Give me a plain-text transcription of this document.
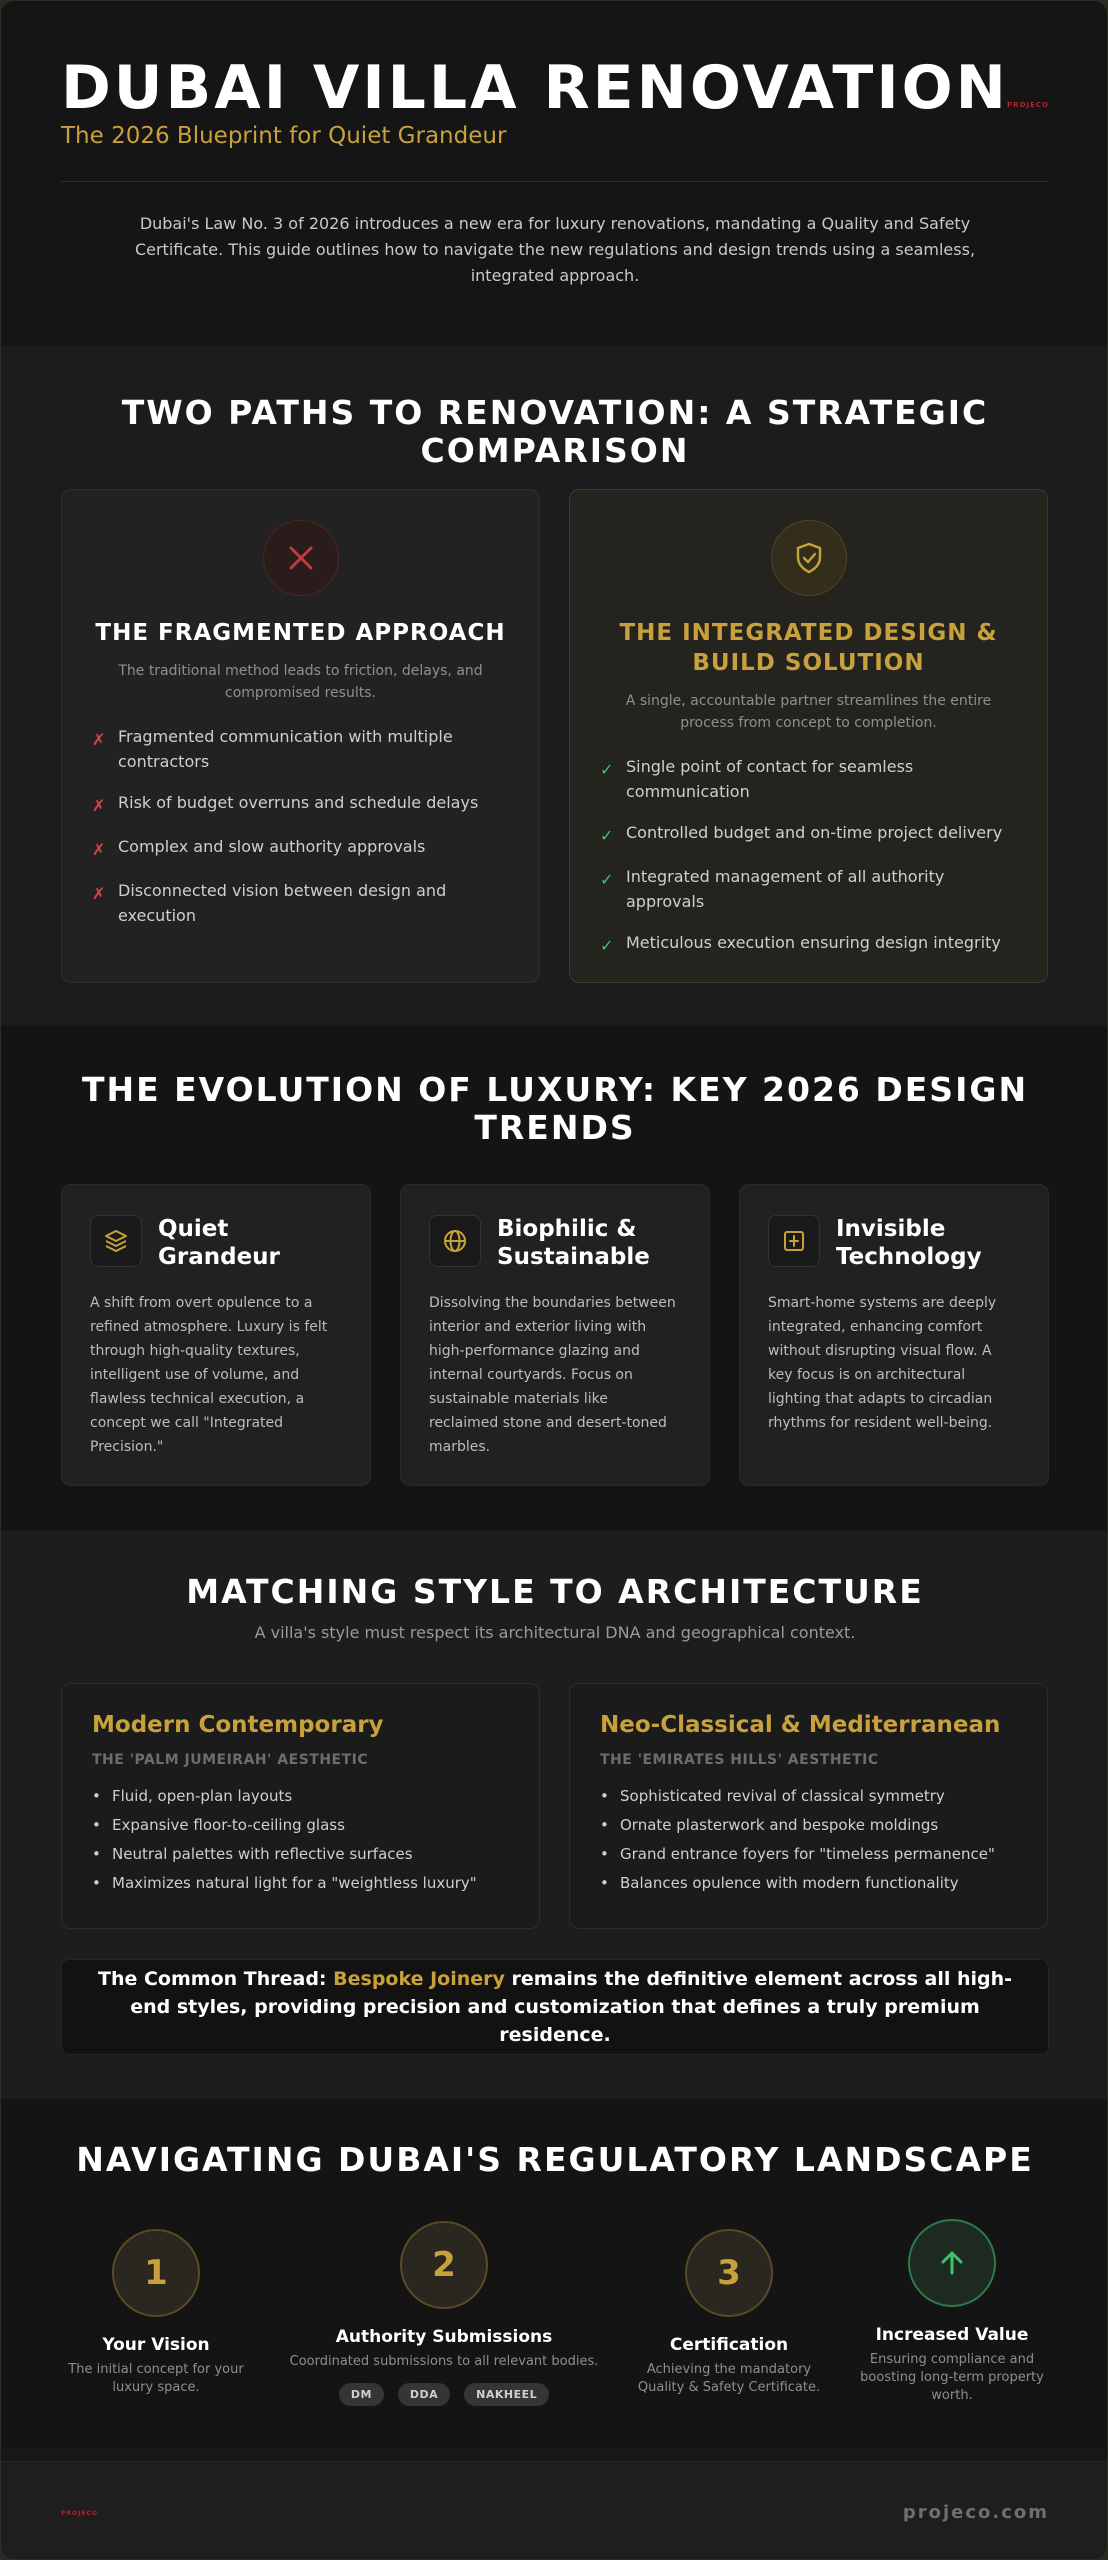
DUBAI VILLA RENOVATION
The 2026 Blueprint for Quiet Grandeur
PROJECO

Dubai's Law No. 3 of 2026 introduces a new era for luxury renovations, mandating a Quality and Safety Certificate. This guide outlines how to navigate the new regulations and design trends using a seamless, integrated approach.

TWO PATHS TO RENOVATION: A STRATEGIC COMPARISON
THE FRAGMENTED APPROACH
The traditional method leads to friction, delays, and compromised results.
✗ Fragmented communication with multiple contractors
✗ Risk of budget overruns and schedule delays
✗ Complex and slow authority approvals
✗ Disconnected vision between design and execution
THE INTEGRATED DESIGN & BUILD SOLUTION
A single, accountable partner streamlines the entire process from concept to completion.
✓ Single point of contact for seamless communication
✓ Controlled budget and on-time project delivery
✓ Integrated management of all authority approvals
✓ Meticulous execution ensuring design integrity
THE EVOLUTION OF LUXURY: KEY 2026 DESIGN TRENDS
Quiet Grandeur

A shift from overt opulence to a refined atmosphere. Luxury is felt through high-quality textures, intelligent use of volume, and flawless technical execution, a concept we call "Integrated Precision."

Biophilic & Sustainable

Dissolving the boundaries between interior and exterior living with high-performance glazing and internal courtyards. Focus on sustainable materials like reclaimed stone and desert-toned marbles.

Invisible Technology

Smart-home systems are deeply integrated, enhancing comfort without disrupting visual flow. A key focus is on architectural lighting that adapts to circadian rhythms for resident well-being.

MATCHING STYLE TO ARCHITECTURE
A villa's style must respect its architectural DNA and geographical context.
Modern Contemporary
THE 'PALM JUMEIRAH' AESTHETIC
• Fluid, open-plan layouts
• Expansive floor-to-ceiling glass
• Neutral palettes with reflective surfaces
• Maximizes natural light for a "weightless luxury"
Neo-Classical & Mediterranean
THE 'EMIRATES HILLS' AESTHETIC
• Sophisticated revival of classical symmetry
• Ornate plasterwork and bespoke moldings
• Grand entrance foyers for "timeless permanence"
• Balances opulence with modern functionality

The Common Thread: Bespoke Joinery remains the definitive element across all high-end styles, providing precision and customization that defines a truly premium residence.

NAVIGATING DUBAI'S REGULATORY LANDSCAPE
1
Your Vision
The initial concept for your luxury space.
2
Authority Submissions
Coordinated submissions to all relevant bodies.
DM	DDA	NAKHEEL
3
Certification
Achieving the mandatory Quality & Safety Certificate.
Increased Value
Ensuring compliance and boosting long-term property worth.
PROJECO	projeco.com
